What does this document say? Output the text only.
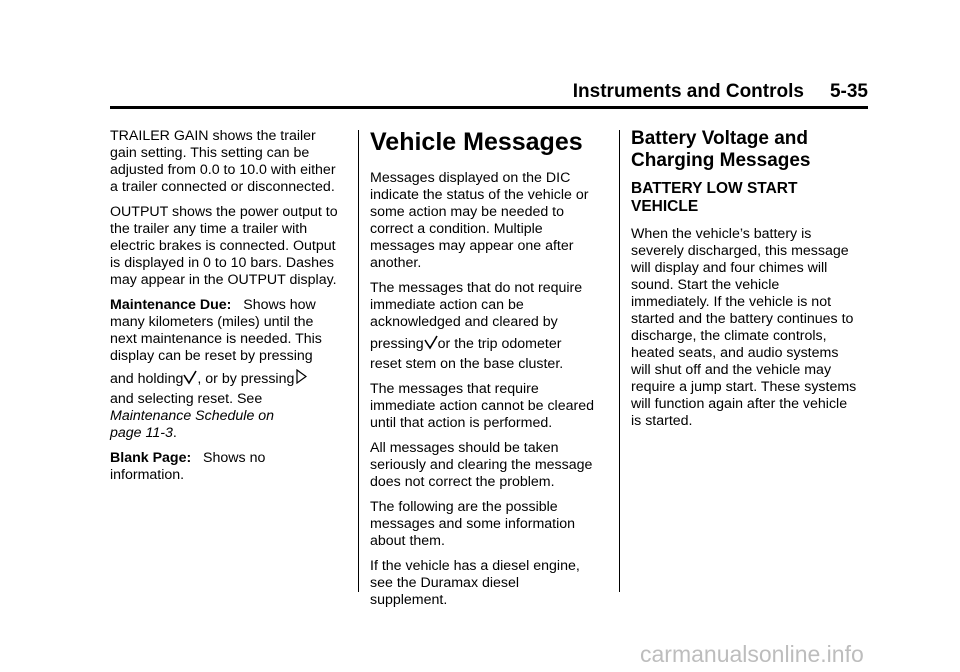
Instruments and Controls 5-35

TRAILER GAIN shows the trailer
gain setting. This setting can be
adjusted from 0.0 to 10.0 with either
a trailer connected or disconnected.

OUTPUT shows the power output to
the trailer any time a trailer with
electric brakes is connected. Output
is displayed in 0 to 10 bars. Dashes
may appear in the OUTPUT display.

Maintenance Due: Shows how
many kilometers (miles) until the
next maintenance is needed. This
display can be reset by pressing
and holding , or by pressing
and selecting reset. See
Maintenance Schedule on
page 11-3.

Blank Page: Shows no
information.

Vehicle Messages

Messages displayed on the DIC
indicate the status of the vehicle or
some action may be needed to
correct a condition. Multiple
messages may appear one after
another.

The messages that do not require
immediate action can be
acknowledged and cleared by
pressing or the trip odometer
reset stem on the base cluster.

The messages that require
immediate action cannot be cleared
until that action is performed.

All messages should be taken
seriously and clearing the message
does not correct the problem.

The following are the possible
messages and some information
about them.

If the vehicle has a diesel engine,
see the Duramax diesel
supplement.

Battery Voltage and
Charging Messages
BATTERY LOW START
VEHICLE

When the vehicle’s battery is
severely discharged, this message
will display and four chimes will
sound. Start the vehicle
immediately. If the vehicle is not
started and the battery continues to
discharge, the climate controls,
heated seats, and audio systems
will shut off and the vehicle may
require a jump start. These systems
will function again after the vehicle
is started.

carmanualsonline.info
